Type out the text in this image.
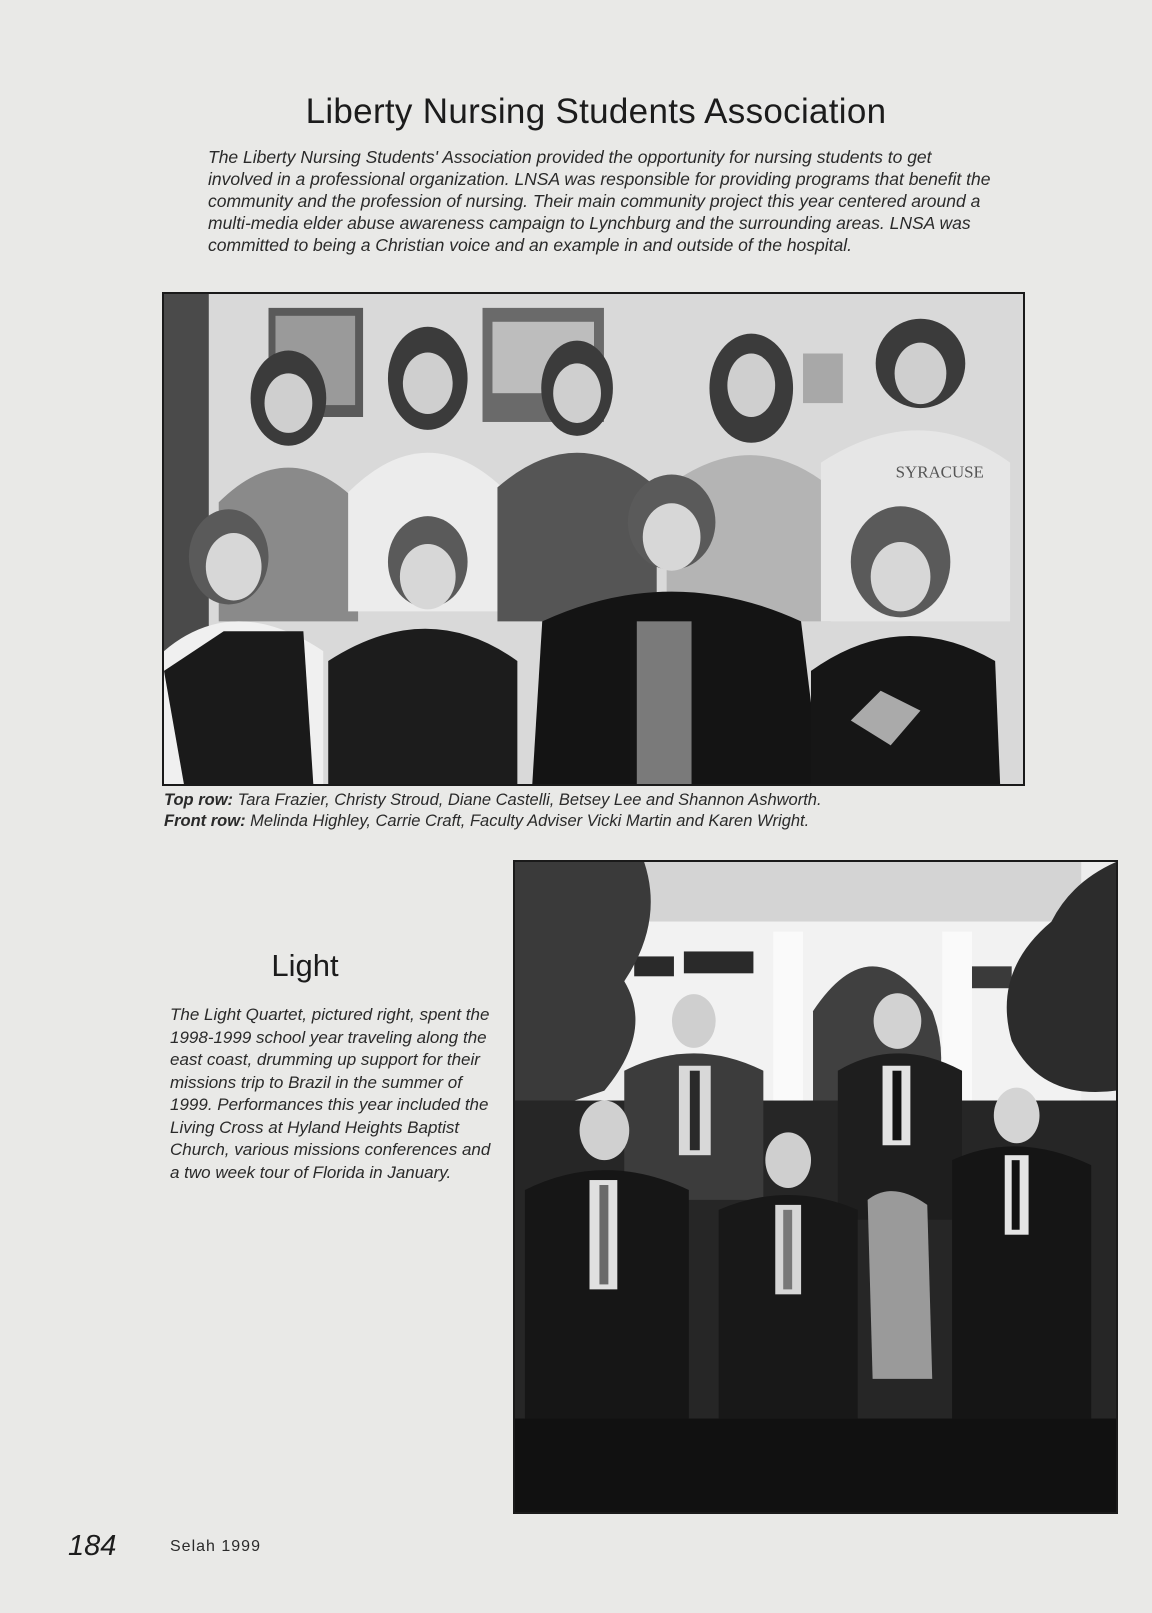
Liberty Nursing Students Association

The Liberty Nursing Students' Association provided the opportunity for nursing students to get involved in a professional organization. LNSA was responsible for providing programs that benefit the community and the profession of nursing. Their main community project this year centered around a multi-media elder abuse awareness campaign to Lynchburg and the surrounding areas. LNSA was committed to being a Christian voice and an example in and outside of the hospital.

SYRACUSE

Top row: Tara Frazier, Christy Stroud, Diane Castelli, Betsey Lee and Shannon Ashworth.

Front row: Melinda Highley, Carrie Craft, Faculty Adviser Vicki Martin and Karen Wright.

Light

The Light Quartet, pictured right, spent the 1998-1999 school year traveling along the east coast, drumming up support for their missions trip to Brazil in the summer of 1999. Performances this year included the Living Cross at Hyland Heights Baptist Church, various missions conferences and a two week tour of Florida in January.

184	Selah 1999
